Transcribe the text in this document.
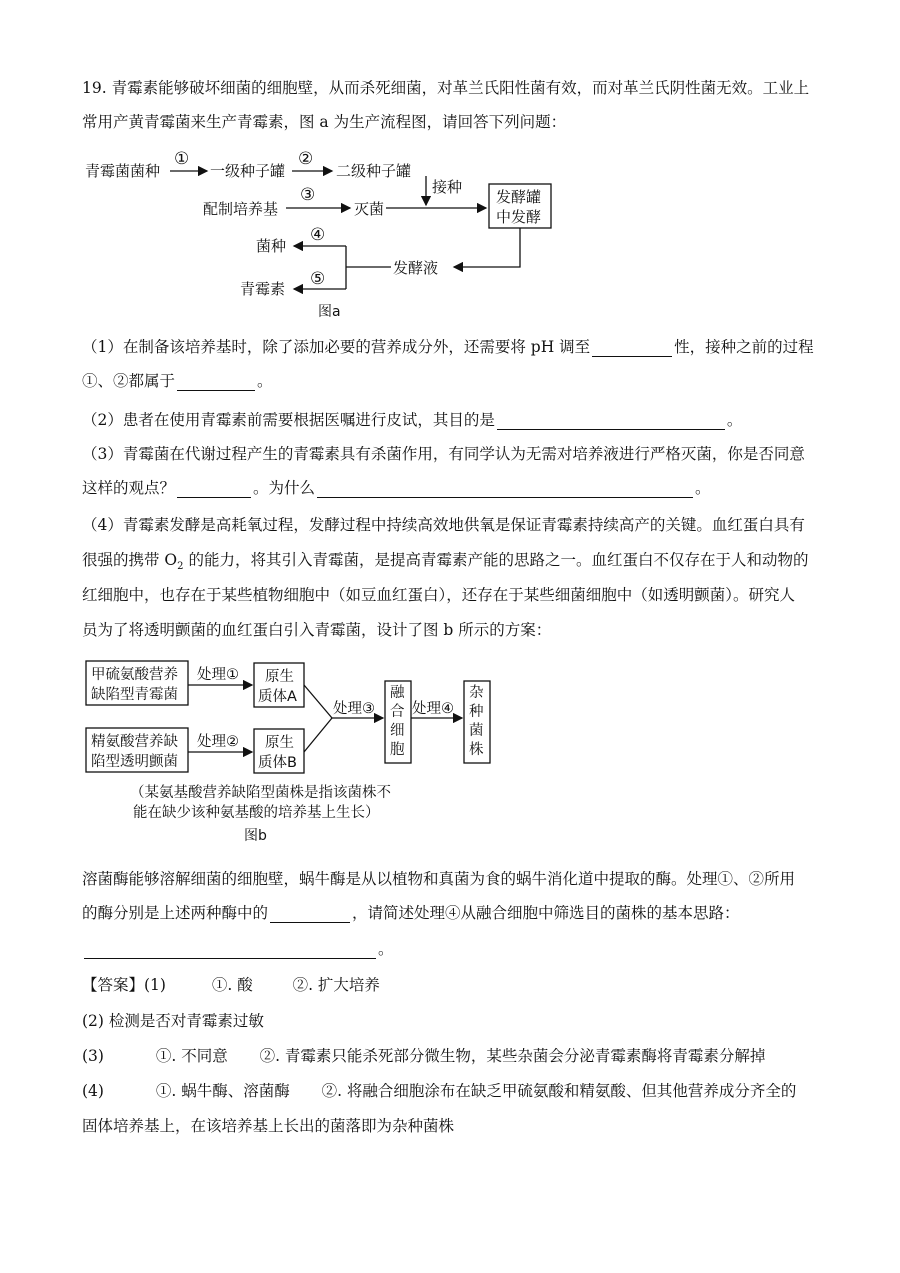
19. 青霉素能够破坏细菌的细胞壁，从而杀死细菌，对革兰氏阳性菌有效，而对革兰氏阴性菌无效。工业上
常用产黄青霉菌来生产青霉素，图 a 为生产流程图，请回答下列问题：
青霉菌菌种
①
一级种子罐
②
二级种子罐
接种
配制培养基
③
灭菌
发酵罐
中发酵
发酵液
菌种
④
青霉素 ⑤
图a
（1）在制备该培养基时，除了添加必要的营养成分外，还需要将 pH 调至	性，接种之前的过程
①、②都属于	。
（2）患者在使用青霉素前需要根据医嘱进行皮试，其目的是	。
（3）青霉菌在代谢过程产生的青霉素具有杀菌作用，有同学认为无需对培养液进行严格灭菌，你是否同意
这样的观点？	。为什么	。
（4）青霉素发酵是高耗氧过程，发酵过程中持续高效地供氧是保证青霉素持续高产的关键。血红蛋白具有
很强的携带 $O_2$ 的能力，将其引入青霉菌，是提高青霉素产能的思路之一。血红蛋白不仅存在于人和动物的
红细胞中，也存在于某些植物细胞中（如豆血红蛋白），还存在于某些细菌细胞中（如透明颤菌）。研究人
员为了将透明颤菌的血红蛋白引入青霉菌，设计了图 b 所示的方案：
甲硫氨酸营养
缺陷型青霉菌
处理① 原生
质体A
精氨酸营养缺
陷型透明颤菌
处理② 原生
质体B
处理③
融
合
细
胞
处理④
杂
种
菌
株
（某氨基酸营养缺陷型菌株是指该菌株不
能在缺少该种氨基酸的培养基上生长）
图b
溶菌酶能够溶解细菌的细胞壁，蜗牛酶是从以植物和真菌为食的蜗牛消化道中提取的酶。处理①、②所用
的酶分别是上述两种酶中的	，请简述处理④从融合细胞中筛选目的菌株的基本思路：
。
【答案】(1)	①. 酸	②. 扩大培养
(2) 检测是否对青霉素过敏
(3)	①. 不同意 ②. 青霉素只能杀死部分微生物，某些杂菌会分泌青霉素酶将青霉素分解掉
(4)	①. 蜗牛酶、溶菌酶 ②. 将融合细胞涂布在缺乏甲硫氨酸和精氨酸、但其他营养成分齐全的
固体培养基上，在该培养基上长出的菌落即为杂种菌株
